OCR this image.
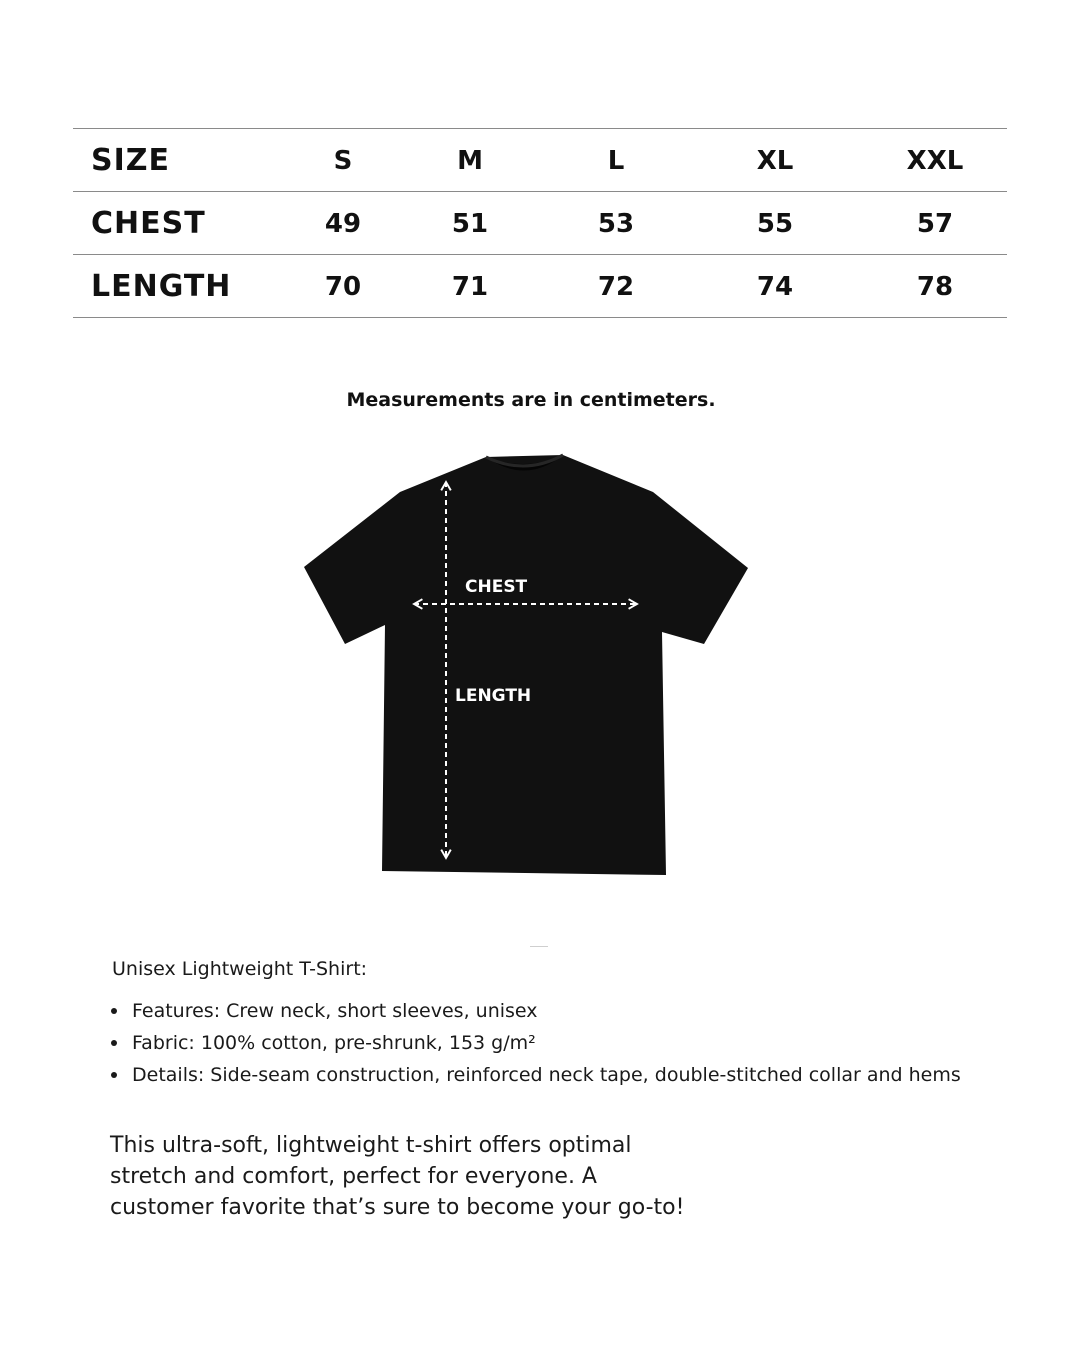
SIZE	S	M	L	XL	XXL
CHEST	49	51	53	55	57
LENGTH	70	71	72	74	78
Measurements are in centimeters.
CHEST
LENGTH
Unisex Lightweight T-Shirt:
Features: Crew neck, short sleeves, unisex
Fabric: 100% cotton, pre-shrunk, 153 g/m²
Details: Side-seam construction, reinforced neck tape, double-stitched collar and hems
This ultra-soft, lightweight t-shirt offers optimal
stretch and comfort, perfect for everyone. A
customer favorite that’s sure to become your go-to!
